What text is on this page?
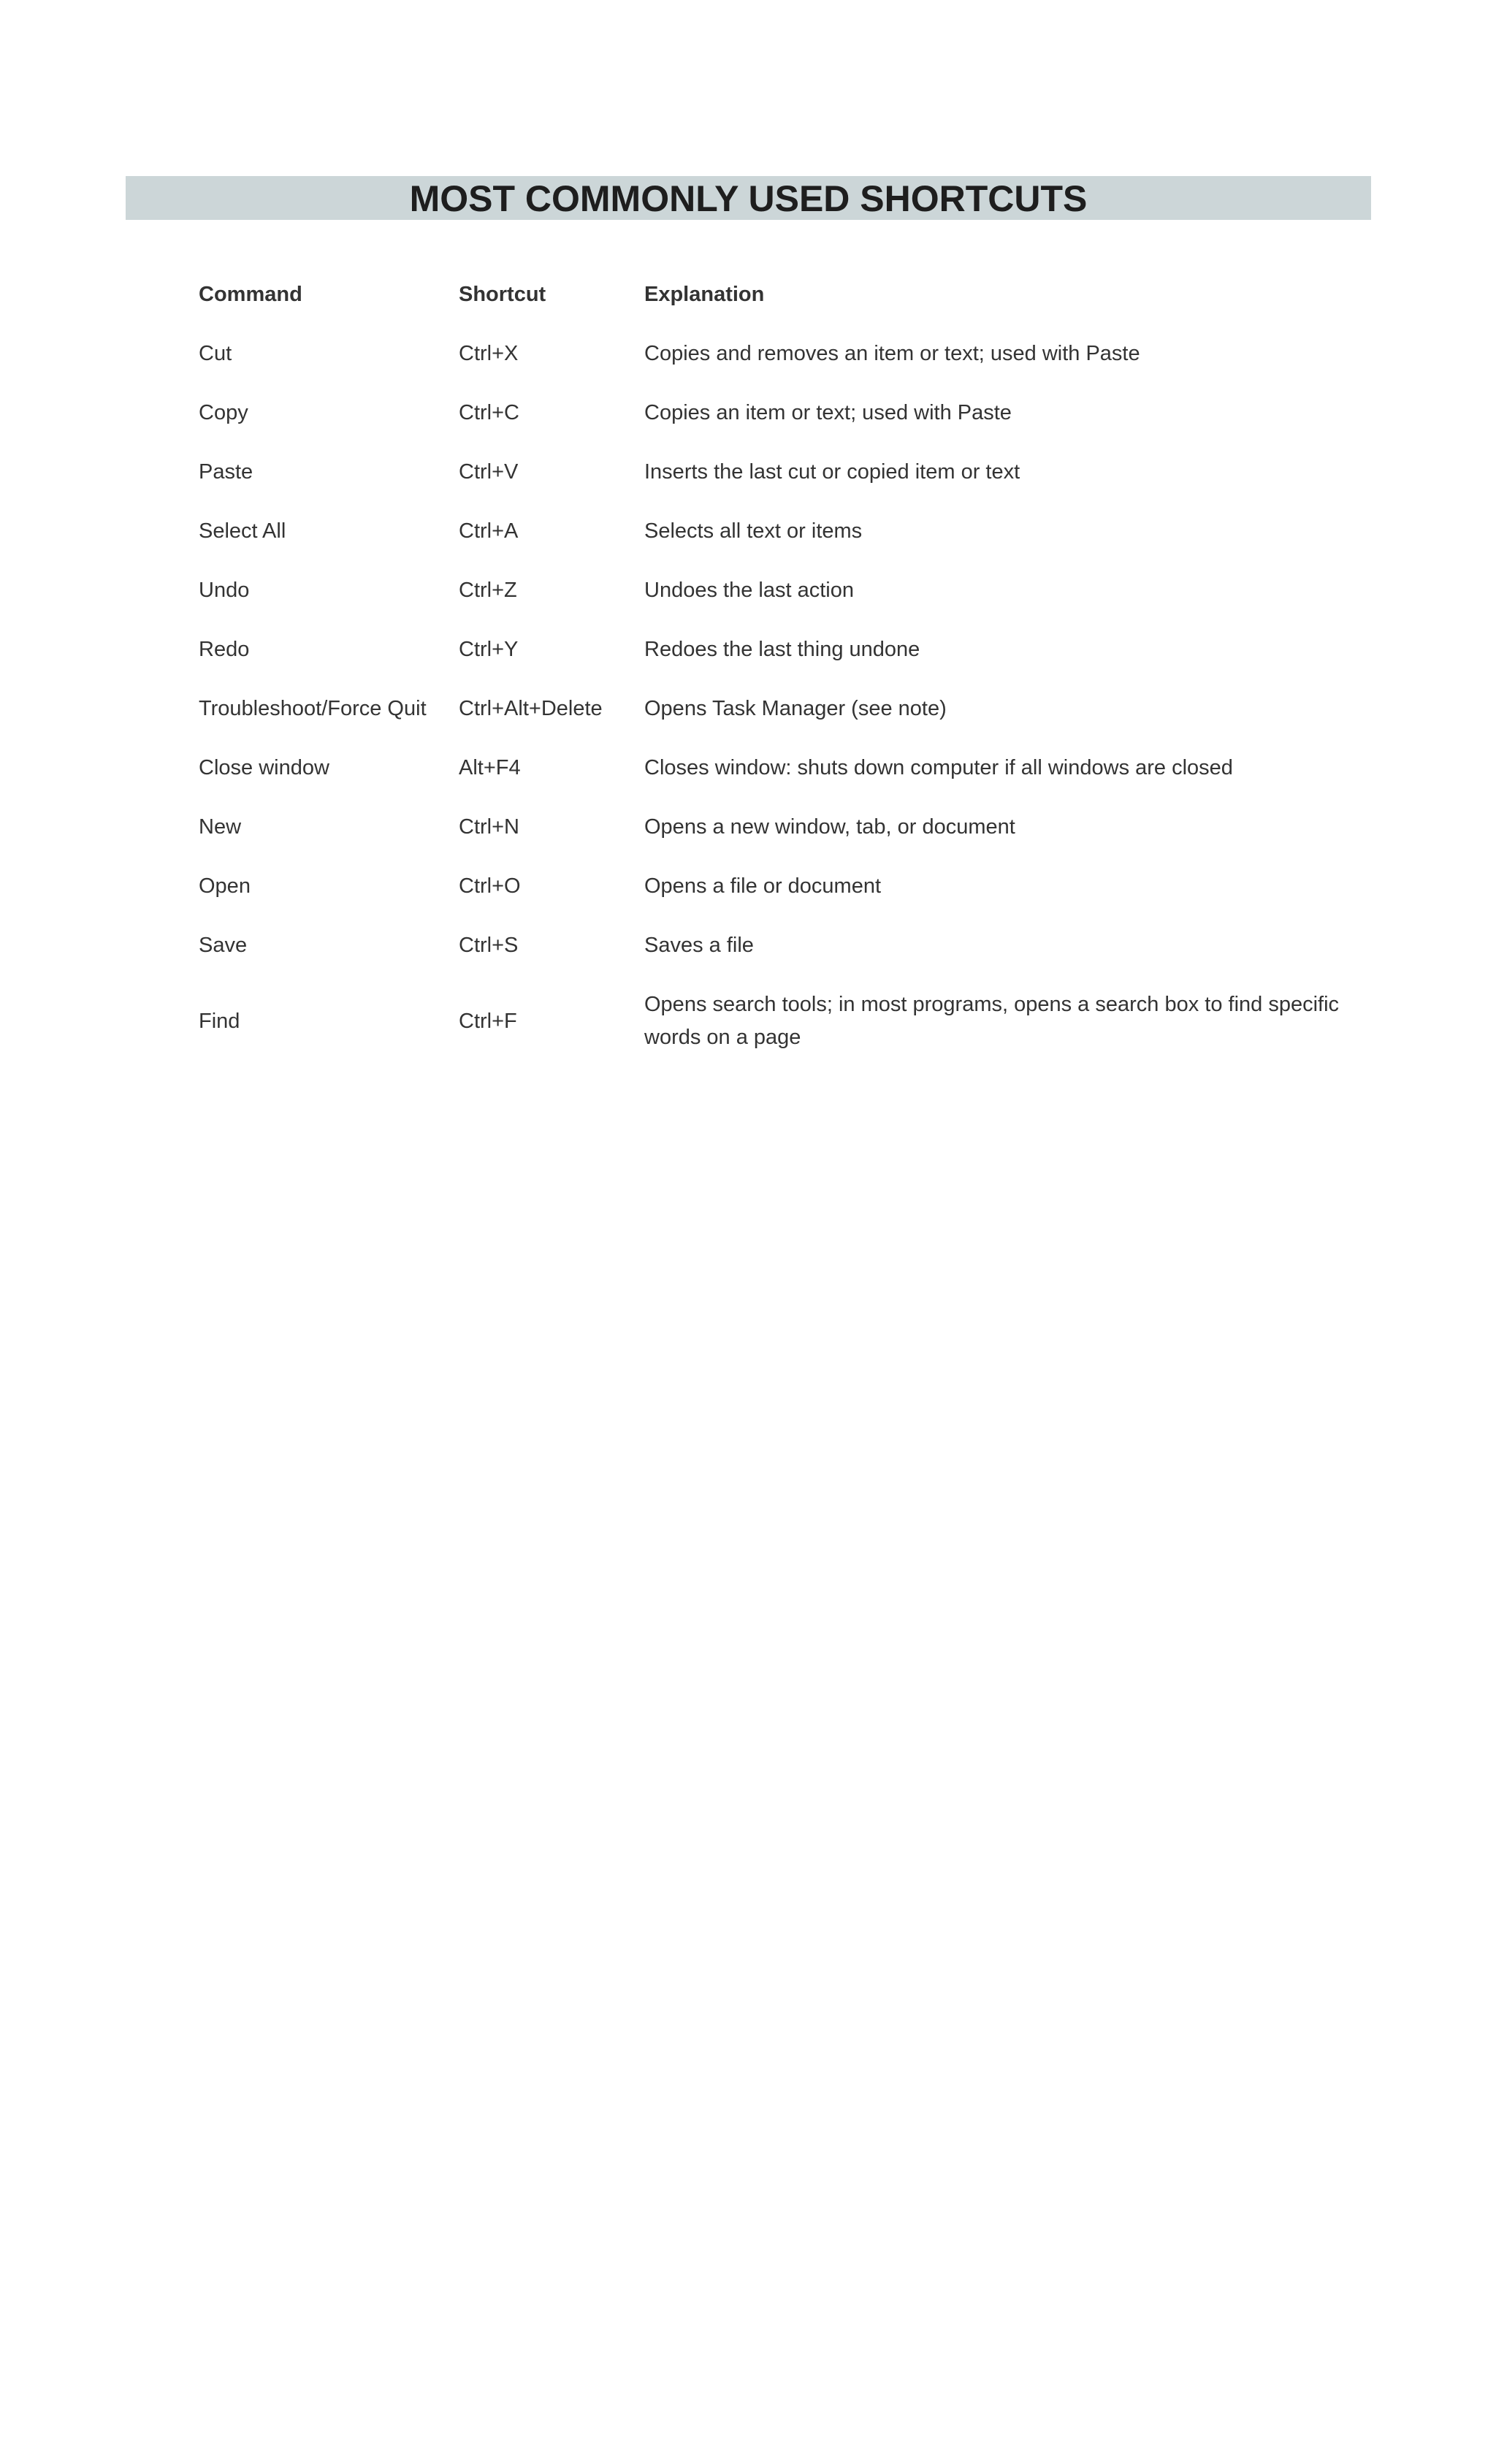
MOST COMMONLY USED SHORTCUTS
Command	Shortcut	Explanation
Cut	Ctrl+X	Copies and removes an item or text; used with Paste
Copy	Ctrl+C	Copies an item or text; used with Paste
Paste	Ctrl+V	Inserts the last cut or copied item or text
Select All	Ctrl+A	Selects all text or items
Undo	Ctrl+Z	Undoes the last action
Redo	Ctrl+Y	Redoes the last thing undone
Troubleshoot/Force Quit	Ctrl+Alt+Delete	Opens Task Manager (see note)
Close window	Alt+F4	Closes window: shuts down computer if all windows are closed
New	Ctrl+N	Opens a new window, tab, or document
Open	Ctrl+O	Opens a file or document
Save	Ctrl+S	Saves a file
Find	Ctrl+F	Opens search tools; in most programs, opens a search box to find specific words on a page
